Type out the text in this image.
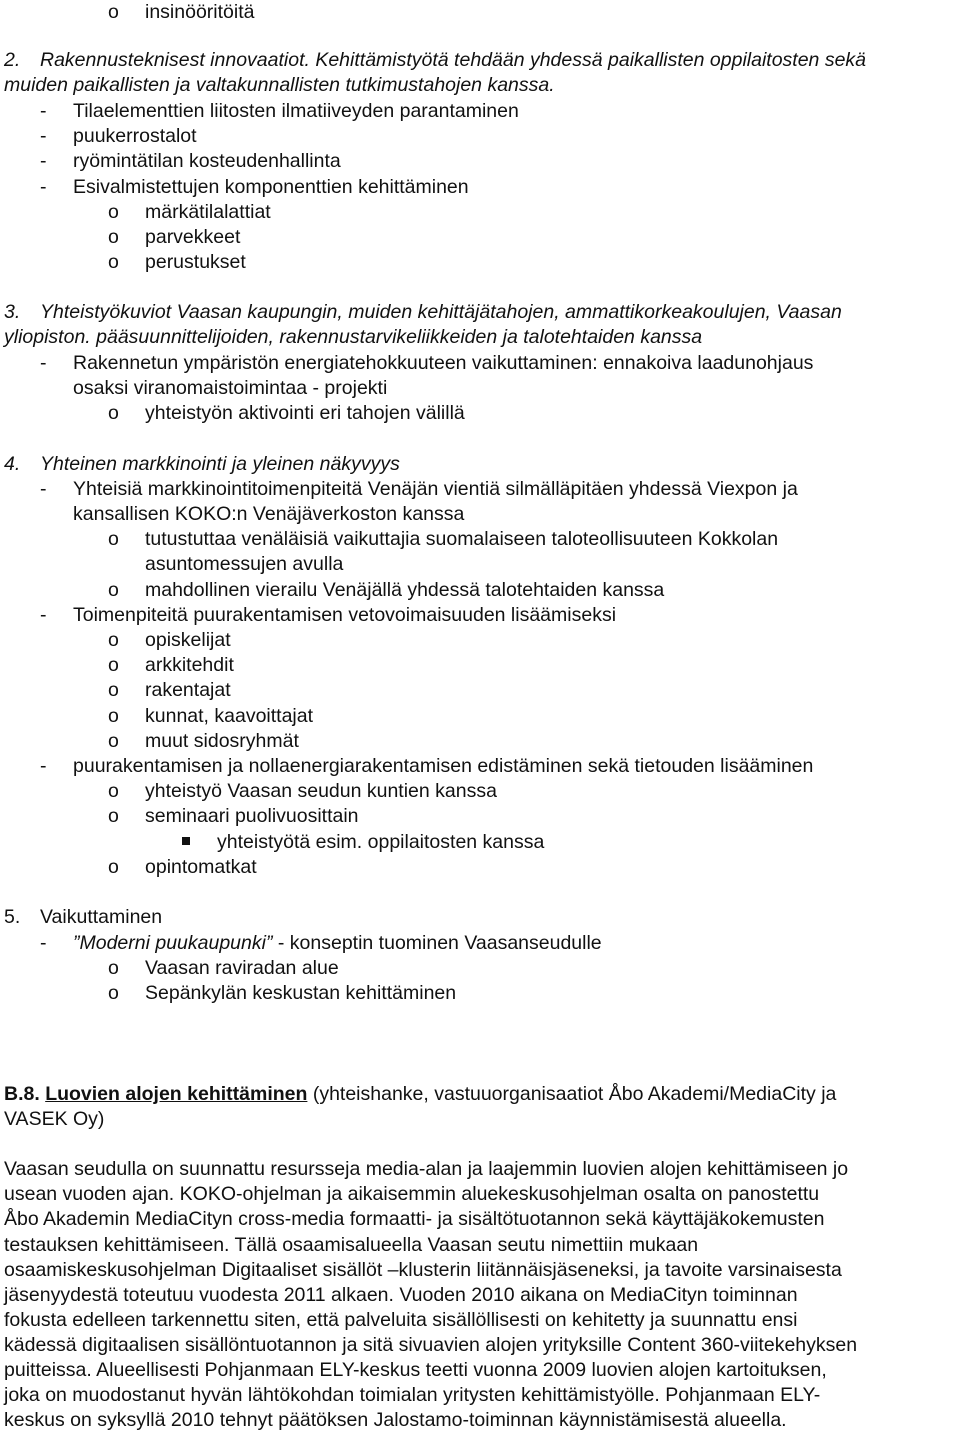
o insinööritöitä
2. Rakennusteknisest innovaatiot. Kehittämistyötä tehdään yhdessä paikallisten oppilaitosten sekä
muiden paikallisten ja valtakunnallisten tutkimustahojen kanssa.
- Tilaelementtien liitosten ilmatiiveyden parantaminen
- puukerrostalot
- ryömintätilan kosteudenhallinta
- Esivalmistettujen komponenttien kehittäminen
o märkätilalattiat
o parvekkeet
o perustukset
3. Yhteistyökuviot Vaasan kaupungin, muiden kehittäjätahojen, ammattikorkeakoulujen, Vaasan
yliopiston. pääsuunnittelijoiden, rakennustarvikeliikkeiden ja talotehtaiden kanssa
- Rakennetun ympäristön energiatehokkuuteen vaikuttaminen: ennakoiva laadunohjaus
osaksi viranomaistoimintaa - projekti
o yhteistyön aktivointi eri tahojen välillä
4. Yhteinen markkinointi ja yleinen näkyvyys
- Yhteisiä markkinointitoimenpiteitä Venäjän vientiä silmälläpitäen yhdessä Viexpon ja
kansallisen KOKO:n Venäjäverkoston kanssa
o tutustuttaa venäläisiä vaikuttajia suomalaiseen taloteollisuuteen Kokkolan
asuntomessujen avulla
o mahdollinen vierailu Venäjällä yhdessä talotehtaiden kanssa
- Toimenpiteitä puurakentamisen vetovoimaisuuden lisäämiseksi
o opiskelijat
o arkkitehdit
o rakentajat
o kunnat, kaavoittajat
o muut sidosryhmät
- puurakentamisen ja nollaenergiarakentamisen edistäminen sekä tietouden lisääminen
o yhteistyö Vaasan seudun kuntien kanssa
o seminaari puolivuosittain
yhteistyötä esim. oppilaitosten kanssa
o opintomatkat
5. Vaikuttaminen
- ”Moderni puukaupunki” - konseptin tuominen Vaasanseudulle
o Vaasan raviradan alue
o Sepänkylän keskustan kehittäminen
B.8. Luovien alojen kehittäminen (yhteishanke, vastuuorganisaatiot Åbo Akademi/MediaCity ja
VASEK Oy)
Vaasan seudulla on suunnattu resursseja media-alan ja laajemmin luovien alojen kehittämiseen jo
usean vuoden ajan. KOKO-ohjelman ja aikaisemmin aluekeskusohjelman osalta on panostettu
Åbo Akademin MediaCityn cross-media formaatti- ja sisältötuotannon sekä käyttäjäkokemusten
testauksen kehittämiseen. Tällä osaamisalueella Vaasan seutu nimettiin mukaan
osaamiskeskusohjelman Digitaaliset sisällöt –klusterin liitännäisjäseneksi, ja tavoite varsinaisesta
jäsenyydestä toteutuu vuodesta 2011 alkaen. Vuoden 2010 aikana on MediaCityn toiminnan
fokusta edelleen tarkennettu siten, että palveluita sisällöllisesti on kehitetty ja suunnattu ensi
kädessä digitaalisen sisällöntuotannon ja sitä sivuavien alojen yrityksille Content 360-viitekehyksen
puitteissa. Alueellisesti Pohjanmaan ELY-keskus teetti vuonna 2009 luovien alojen kartoituksen,
joka on muodostanut hyvän lähtökohdan toimialan yritysten kehittämistyölle. Pohjanmaan ELY-
keskus on syksyllä 2010 tehnyt päätöksen Jalostamo-toiminnan käynnistämisestä alueella.
